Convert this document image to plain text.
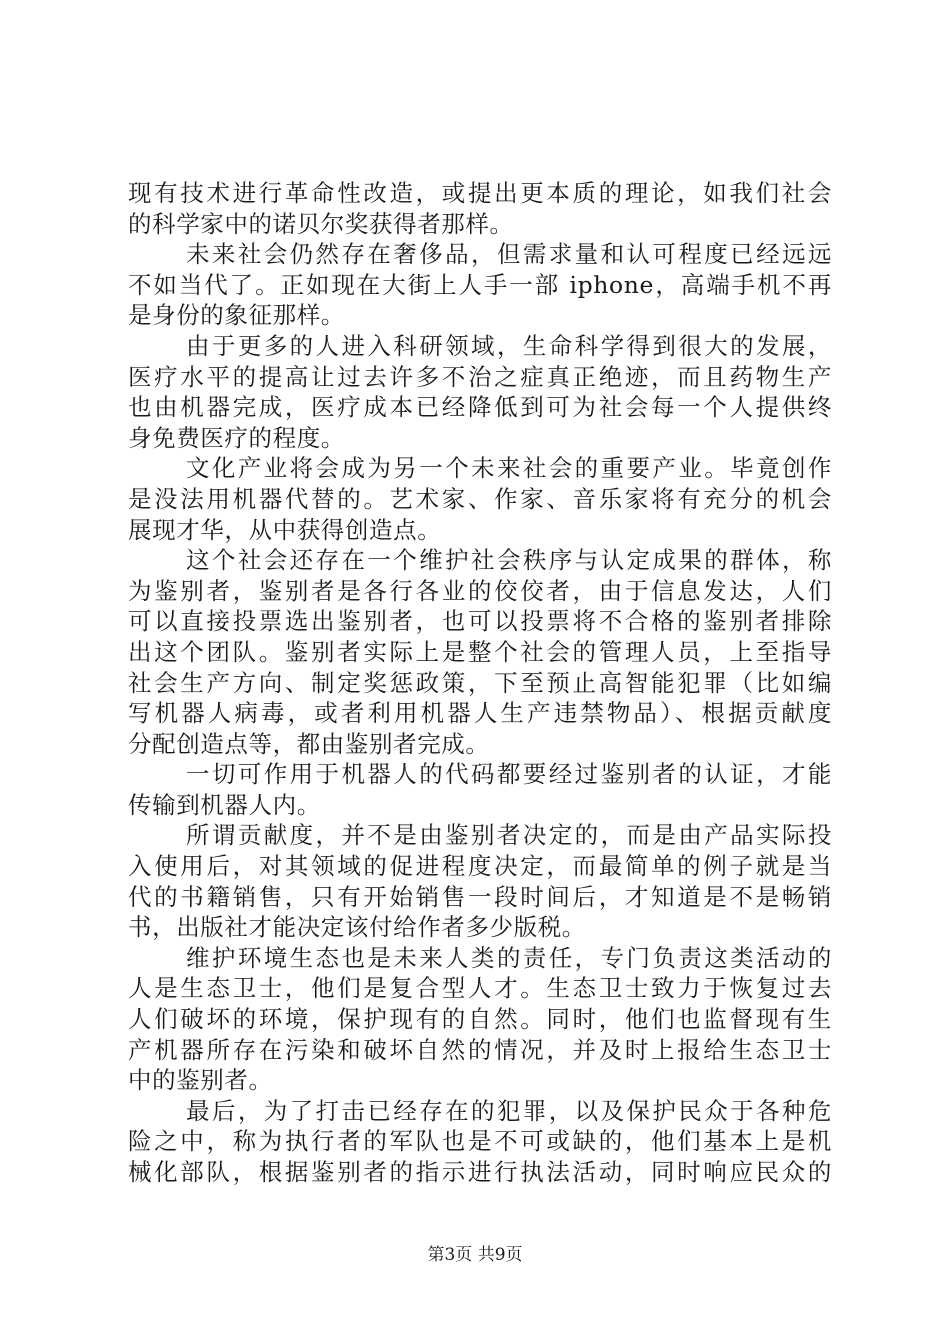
现有技术进行革命性改造，或提出更本质的理论，如我们社会
的科学家中的诺贝尔奖获得者那样。
未来社会仍然存在奢侈品，但需求量和认可程度已经远远
不如当代了。正如现在大街上人手一部 iphone，高端手机不再
是身份的象征那样。
由于更多的人进入科研领域，生命科学得到很大的发展，
医疗水平的提高让过去许多不治之症真正绝迹，而且药物生产
也由机器完成，医疗成本已经降低到可为社会每一个人提供终
身免费医疗的程度。
文化产业将会成为另一个未来社会的重要产业。毕竟创作
是没法用机器代替的。艺术家、作家、音乐家将有充分的机会
展现才华，从中获得创造点。
这个社会还存在一个维护社会秩序与认定成果的群体，称
为鉴别者，鉴别者是各行各业的佼佼者，由于信息发达，人们
可以直接投票选出鉴别者，也可以投票将不合格的鉴别者排除
出这个团队。鉴别者实际上是整个社会的管理人员，上至指导
社会生产方向、制定奖惩政策，下至预止高智能犯罪（比如编
写机器人病毒，或者利用机器人生产违禁物品）、根据贡献度
分配创造点等，都由鉴别者完成。
一切可作用于机器人的代码都要经过鉴别者的认证，才能
传输到机器人内。
所谓贡献度，并不是由鉴别者决定的，而是由产品实际投
入使用后，对其领域的促进程度决定，而最简单的例子就是当
代的书籍销售，只有开始销售一段时间后，才知道是不是畅销
书，出版社才能决定该付给作者多少版税。
维护环境生态也是未来人类的责任，专门负责这类活动的
人是生态卫士，他们是复合型人才。生态卫士致力于恢复过去
人们破坏的环境，保护现有的自然。同时，他们也监督现有生
产机器所存在污染和破坏自然的情况，并及时上报给生态卫士
中的鉴别者。
最后，为了打击已经存在的犯罪，以及保护民众于各种危
险之中，称为执行者的军队也是不可或缺的，他们基本上是机
械化部队，根据鉴别者的指示进行执法活动，同时响应民众的
第3页 共9页
